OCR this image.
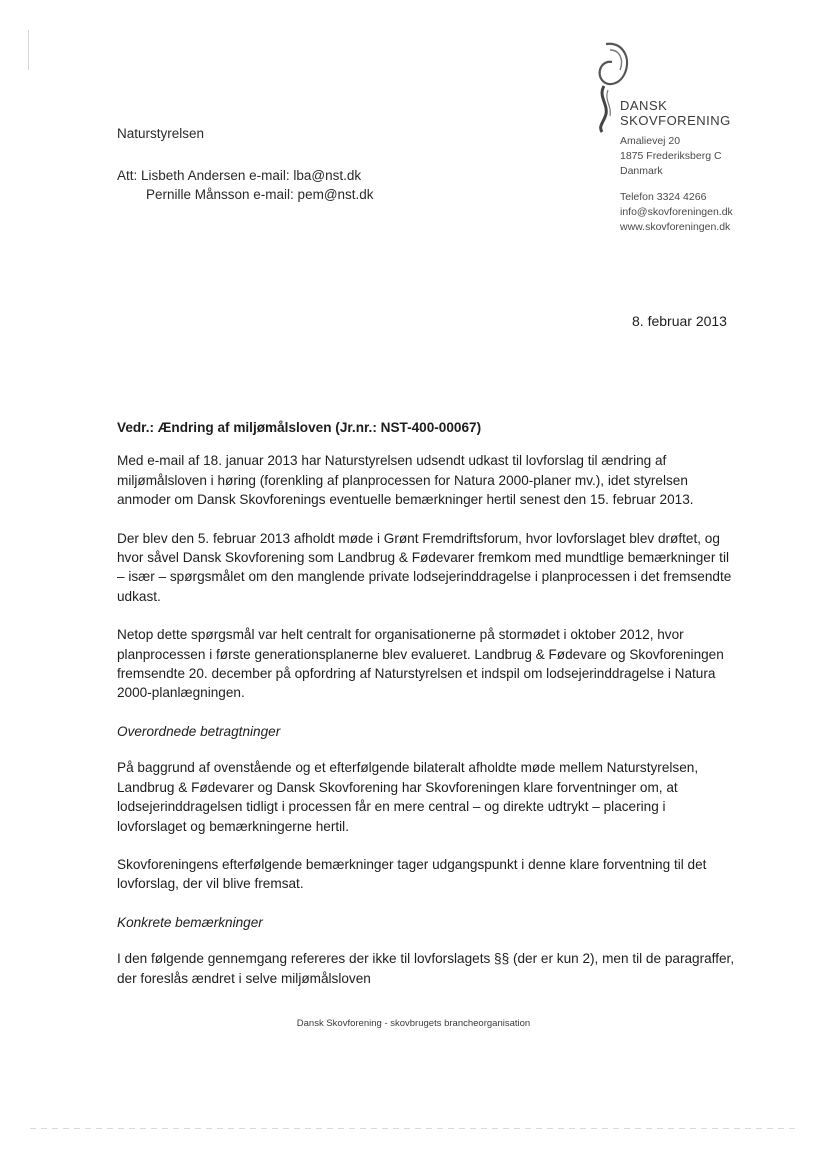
DANSK
SKOVFORENING
Amalievej 20
1875 Frederiksberg C
Danmark
Telefon 3324 4266
info@skovforeningen.dk
www.skovforeningen.dk
Naturstyrelsen
Att: Lisbeth Andersen e-mail: lba@nst.dk
Pernille Månsson e-mail: pem@nst.dk
8. februar 2013
Vedr.: Ændring af miljømålsloven (Jr.nr.: NST-400-00067)

Med e-mail af 18. januar 2013 har Naturstyrelsen udsendt udkast til lovforslag til ændring af miljømålsloven i høring (forenkling af planprocessen for Natura 2000-planer mv.), idet styrelsen anmoder om Dansk Skovforenings eventuelle bemærkninger hertil senest den 15. februar 2013.

Der blev den 5. februar 2013 afholdt møde i Grønt Fremdriftsforum, hvor lovforslaget blev drøftet, og hvor såvel Dansk Skovforening som Landbrug & Fødevarer fremkom med mundtlige bemærkninger til – især – spørgsmålet om den manglende private lodsejerinddragelse i planprocessen i det fremsendte udkast.

Netop dette spørgsmål var helt centralt for organisationerne på stormødet i oktober 2012, hvor planprocessen i første generationsplanerne blev evalueret. Landbrug & Fødevare og Skovforeningen fremsendte 20. december på opfordring af Naturstyrelsen et indspil om lodsejerinddragelse i Natura 2000-planlægningen.

Overordnede betragtninger

På baggrund af ovenstående og et efterfølgende bilateralt afholdte møde mellem Naturstyrelsen, Landbrug & Fødevarer og Dansk Skovforening har Skovforeningen klare forventninger om, at lodsejerinddragelsen tidligt i processen får en mere central – og direkte udtrykt – placering i lovforslaget og bemærkningerne hertil.

Skovforeningens efterfølgende bemærkninger tager udgangspunkt i denne klare forventning til det lovforslag, der vil blive fremsat.

Konkrete bemærkninger

I den følgende gennemgang refereres der ikke til lovforslagets §§ (der er kun 2), men til de paragraffer, der foreslås ændret i selve miljømålsloven

Dansk Skovforening - skovbrugets brancheorganisation
